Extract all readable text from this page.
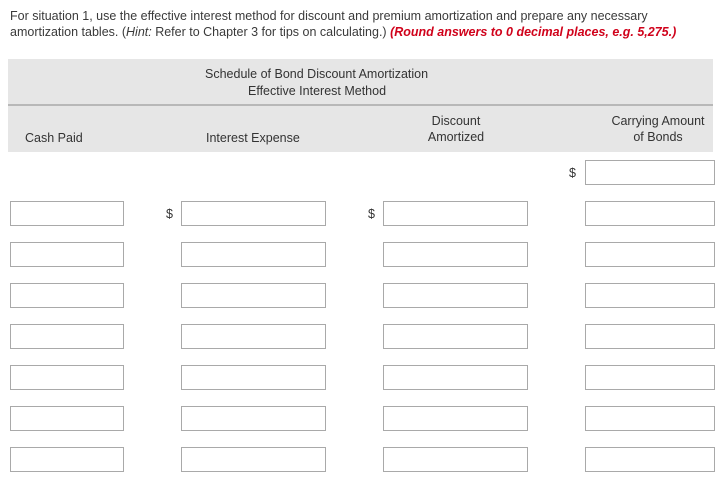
For situation 1, use the effective interest method for discount and premium amortization and prepare any necessary amortization tables. (Hint: Refer to Chapter 3 for tips on calculating.) (Round answers to 0 decimal places, e.g. 5,275.)
Schedule of Bond Discount Amortization
Effective Interest Method
Cash Paid	Interest Expense
Discount
Amortized
Carrying Amount
of Bonds
$
$	$
